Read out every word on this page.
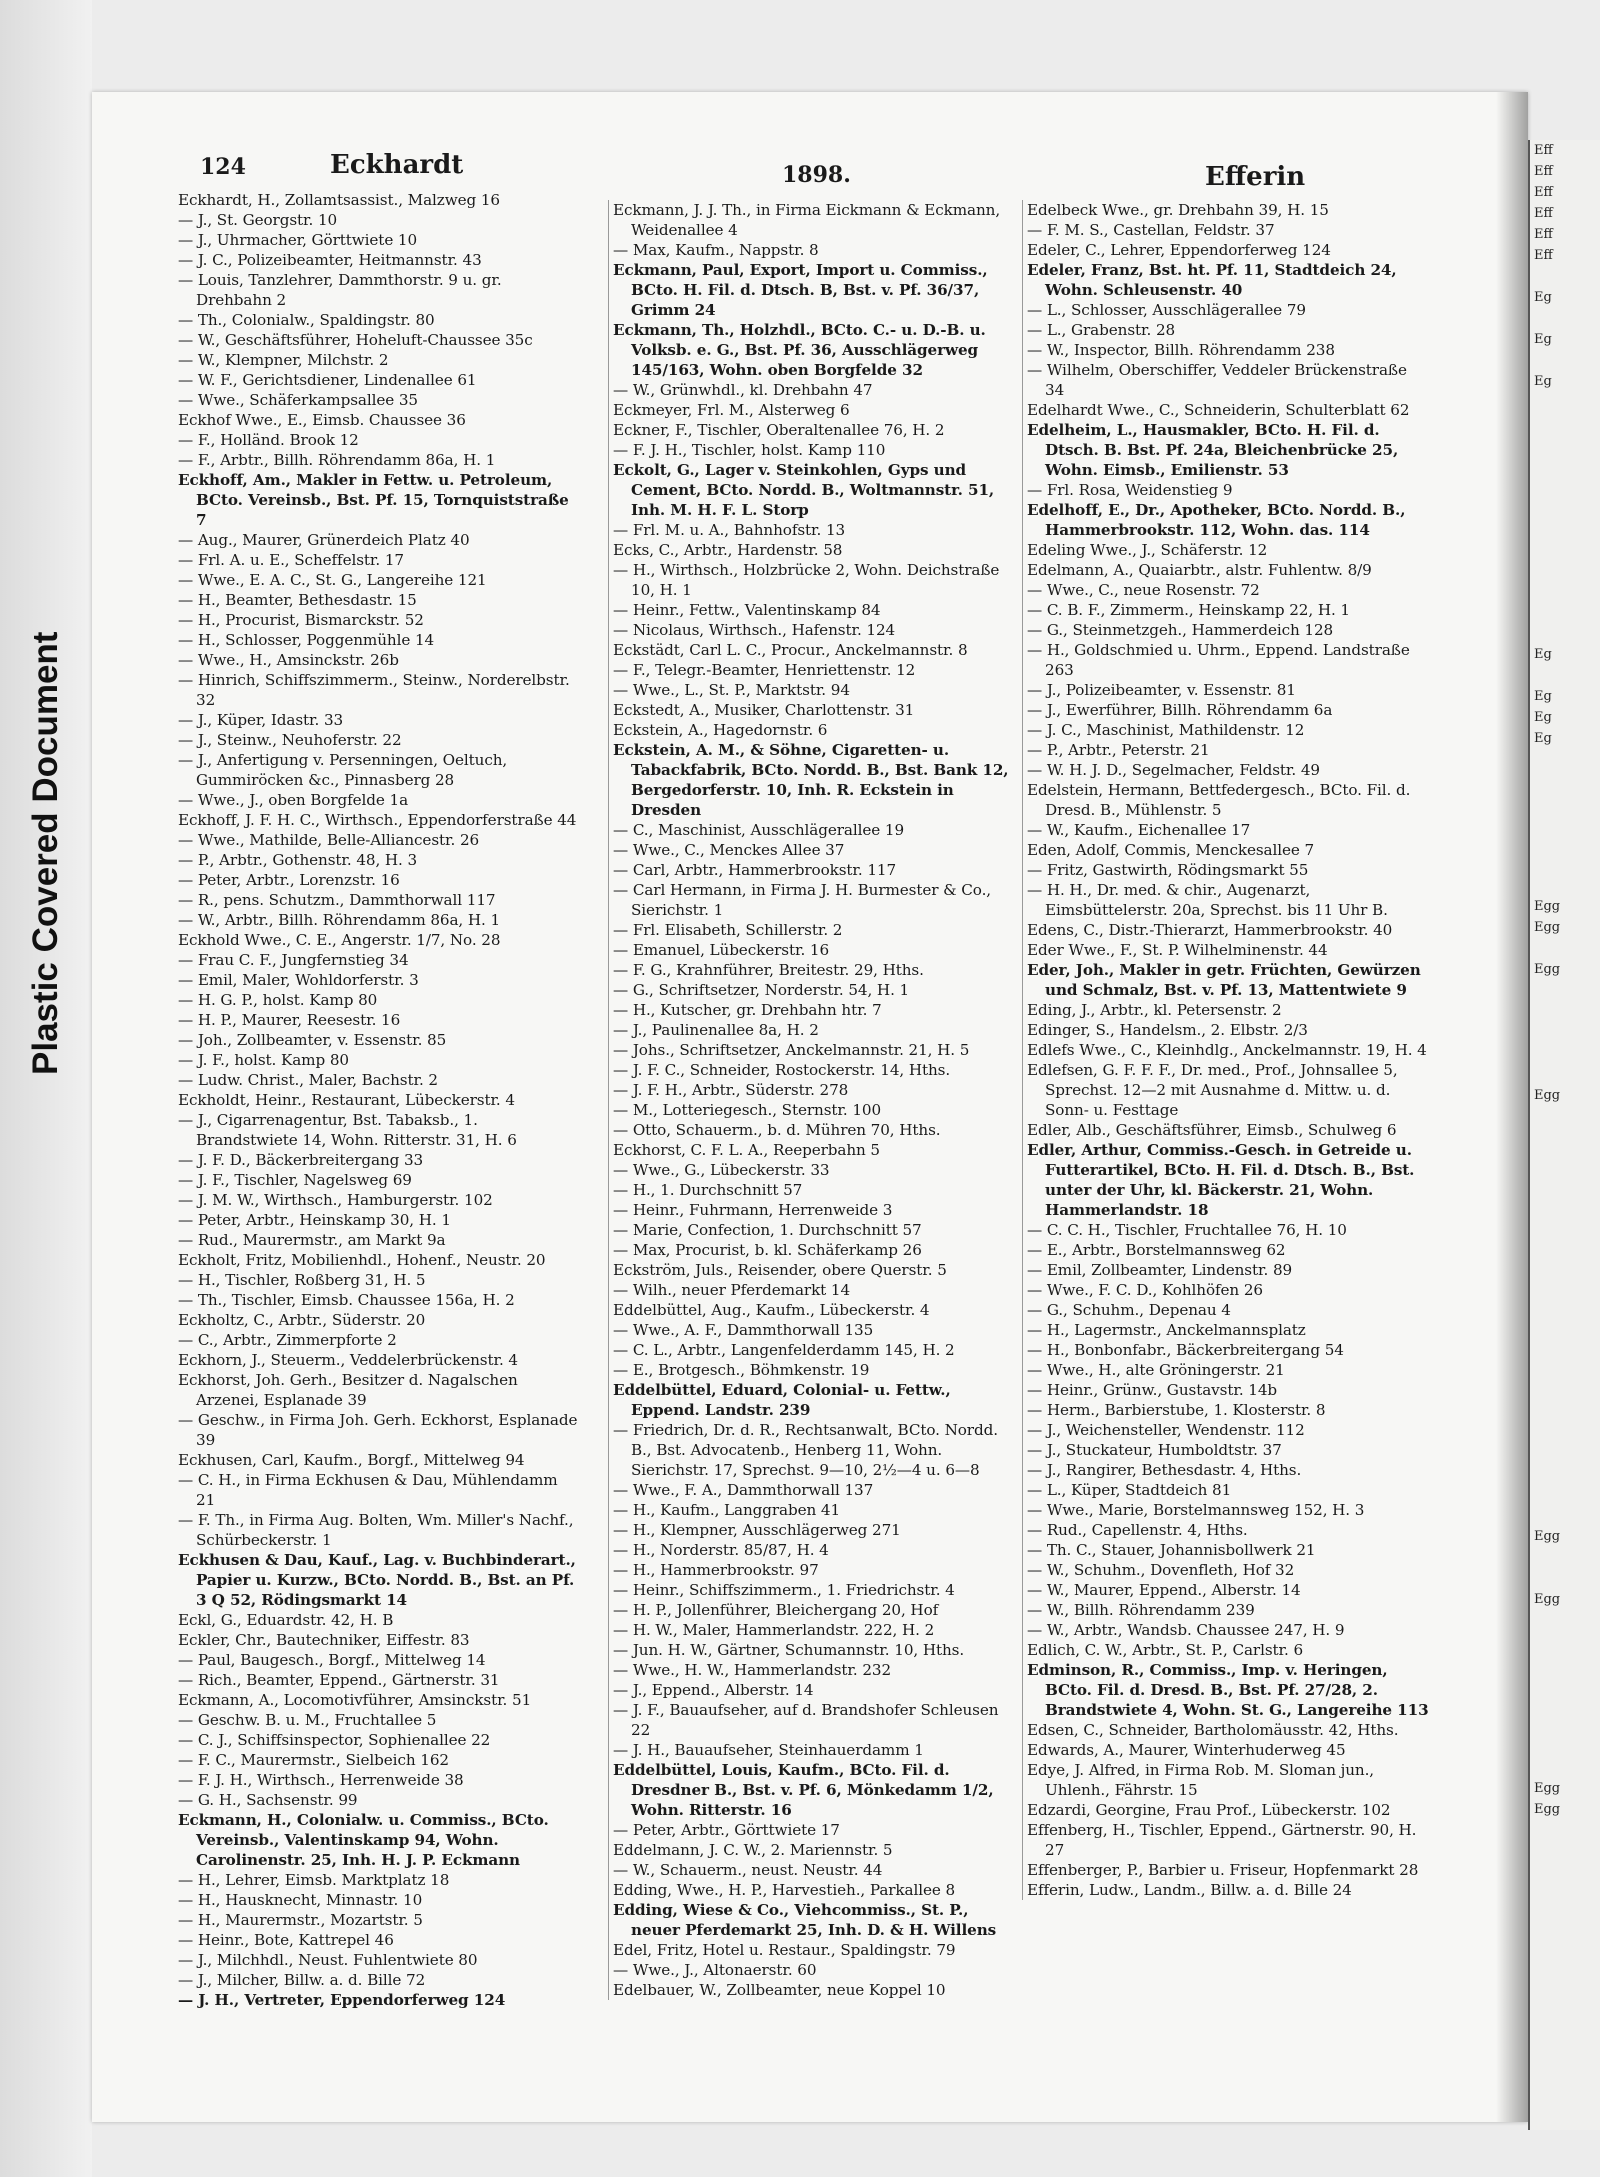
Plastic Covered Document
Eff
Eff
Eff
Eff
Eff
Eff

Eg

Eg

Eg

Eg

Eg
Eg
Eg

Egg
Egg

Egg

Egg

Egg

Egg

Egg
Egg
124	Eckhardt	1898.	Efferin

Eckhardt, H., Zollamtsassist., Malzweg 16

— J., St. Georgstr. 10

— J., Uhrmacher, Görttwiete 10

— J. C., Polizeibeamter, Heitmannstr. 43

— Louis, Tanzlehrer, Dammthorstr. 9 u. gr. Drehbahn 2

— Th., Colonialw., Spaldingstr. 80

— W., Geschäftsführer, Hoheluft-Chaussee 35c

— W., Klempner, Milchstr. 2

— W. F., Gerichtsdiener, Lindenallee 61

— Wwe., Schäferkampsallee 35

Eckhof Wwe., E., Eimsb. Chaussee 36

— F., Holländ. Brook 12

— F., Arbtr., Billh. Röhrendamm 86a, H. 1

Eckhoff, Am., Makler in Fettw. u. Petroleum, BCto. Vereinsb., Bst. Pf. 15, Tornquiststraße 7

— Aug., Maurer, Grünerdeich Platz 40

— Frl. A. u. E., Scheffelstr. 17

— Wwe., E. A. C., St. G., Langereihe 121

— H., Beamter, Bethesdastr. 15

— H., Procurist, Bismarckstr. 52

— H., Schlosser, Poggenmühle 14

— Wwe., H., Amsinckstr. 26b

— Hinrich, Schiffszimmerm., Steinw., Norderelbstr. 32

— J., Küper, Idastr. 33

— J., Steinw., Neuhoferstr. 22

— J., Anfertigung v. Persenningen, Oeltuch, Gummiröcken &c., Pinnasberg 28

— Wwe., J., oben Borgfelde 1a

Eckhoff, J. F. H. C., Wirthsch., Eppendorferstraße 44

— Wwe., Mathilde, Belle-Alliancestr. 26

— P., Arbtr., Gothenstr. 48, H. 3

— Peter, Arbtr., Lorenzstr. 16

— R., pens. Schutzm., Dammthorwall 117

— W., Arbtr., Billh. Röhrendamm 86a, H. 1

Eckhold Wwe., C. E., Angerstr. 1/7, No. 28

— Frau C. F., Jungfernstieg 34

— Emil, Maler, Wohldorferstr. 3

— H. G. P., holst. Kamp 80

— H. P., Maurer, Reesestr. 16

— Joh., Zollbeamter, v. Essenstr. 85

— J. F., holst. Kamp 80

— Ludw. Christ., Maler, Bachstr. 2

Eckholdt, Heinr., Restaurant, Lübeckerstr. 4

— J., Cigarrenagentur, Bst. Tabaksb., 1. Brandstwiete 14, Wohn. Ritterstr. 31, H. 6

— J. F. D., Bäckerbreitergang 33

— J. F., Tischler, Nagelsweg 69

— J. M. W., Wirthsch., Hamburgerstr. 102

— Peter, Arbtr., Heinskamp 30, H. 1

— Rud., Maurermstr., am Markt 9a

Eckholt, Fritz, Mobilienhdl., Hohenf., Neustr. 20

— H., Tischler, Roßberg 31, H. 5

— Th., Tischler, Eimsb. Chaussee 156a, H. 2

Eckholtz, C., Arbtr., Süderstr. 20

— C., Arbtr., Zimmerpforte 2

Eckhorn, J., Steuerm., Veddelerbrückenstr. 4

Eckhorst, Joh. Gerh., Besitzer d. Nagalschen Arzenei, Esplanade 39

— Geschw., in Firma Joh. Gerh. Eckhorst, Esplanade 39

Eckhusen, Carl, Kaufm., Borgf., Mittelweg 94

— C. H., in Firma Eckhusen & Dau, Mühlendamm 21

— F. Th., in Firma Aug. Bolten, Wm. Miller's Nachf., Schürbeckerstr. 1

Eckhusen & Dau, Kauf., Lag. v. Buchbinderart., Papier u. Kurzw., BCto. Nordd. B., Bst. an Pf. 3 Q 52, Rödingsmarkt 14

Eckl, G., Eduardstr. 42, H. B

Eckler, Chr., Bautechniker, Eiffestr. 83

— Paul, Baugesch., Borgf., Mittelweg 14

— Rich., Beamter, Eppend., Gärtnerstr. 31

Eckmann, A., Locomotivführer, Amsinckstr. 51

— Geschw. B. u. M., Fruchtallee 5

— C. J., Schiffsinspector, Sophienallee 22

— F. C., Maurermstr., Sielbeich 162

— F. J. H., Wirthsch., Herrenweide 38

— G. H., Sachsenstr. 99

Eckmann, H., Colonialw. u. Commiss., BCto. Vereinsb., Valentinskamp 94, Wohn. Carolinenstr. 25, Inh. H. J. P. Eckmann

— H., Lehrer, Eimsb. Marktplatz 18

— H., Hausknecht, Minnastr. 10

— H., Maurermstr., Mozartstr. 5

— Heinr., Bote, Kattrepel 46

— J., Milchhdl., Neust. Fuhlentwiete 80

— J., Milcher, Billw. a. d. Bille 72

— J. H., Vertreter, Eppendorferweg 124

Eckmann, J. J. Th., in Firma Eickmann & Eckmann, Weidenallee 4

— Max, Kaufm., Nappstr. 8

Eckmann, Paul, Export, Import u. Commiss., BCto. H. Fil. d. Dtsch. B, Bst. v. Pf. 36/37, Grimm 24

Eckmann, Th., Holzhdl., BCto. C.- u. D.-B. u. Volksb. e. G., Bst. Pf. 36, Ausschlägerweg 145/163, Wohn. oben Borgfelde 32

— W., Grünwhdl., kl. Drehbahn 47

Eckmeyer, Frl. M., Alsterweg 6

Eckner, F., Tischler, Oberaltenallee 76, H. 2

— F. J. H., Tischler, holst. Kamp 110

Eckolt, G., Lager v. Steinkohlen, Gyps und Cement, BCto. Nordd. B., Woltmannstr. 51, Inh. M. H. F. L. Storp

— Frl. M. u. A., Bahnhofstr. 13

Ecks, C., Arbtr., Hardenstr. 58

— H., Wirthsch., Holzbrücke 2, Wohn. Deichstraße 10, H. 1

— Heinr., Fettw., Valentinskamp 84

— Nicolaus, Wirthsch., Hafenstr. 124

Eckstädt, Carl L. C., Procur., Anckelmannstr. 8

— F., Telegr.-Beamter, Henriettenstr. 12

— Wwe., L., St. P., Marktstr. 94

Eckstedt, A., Musiker, Charlottenstr. 31

Eckstein, A., Hagedornstr. 6

Eckstein, A. M., & Söhne, Cigaretten- u. Tabackfabrik, BCto. Nordd. B., Bst. Bank 12, Bergedorferstr. 10, Inh. R. Eckstein in Dresden

— C., Maschinist, Ausschlägerallee 19

— Wwe., C., Menckes Allee 37

— Carl, Arbtr., Hammerbrookstr. 117

— Carl Hermann, in Firma J. H. Burmester & Co., Sierichstr. 1

— Frl. Elisabeth, Schillerstr. 2

— Emanuel, Lübeckerstr. 16

— F. G., Krahnführer, Breitestr. 29, Hths.

— G., Schriftsetzer, Norderstr. 54, H. 1

— H., Kutscher, gr. Drehbahn htr. 7

— J., Paulinenallee 8a, H. 2

— Johs., Schriftsetzer, Anckelmannstr. 21, H. 5

— J. F. C., Schneider, Rostockerstr. 14, Hths.

— J. F. H., Arbtr., Süderstr. 278

— M., Lotteriegesch., Sternstr. 100

— Otto, Schauerm., b. d. Mühren 70, Hths.

Eckhorst, C. F. L. A., Reeperbahn 5

— Wwe., G., Lübeckerstr. 33

— H., 1. Durchschnitt 57

— Heinr., Fuhrmann, Herrenweide 3

— Marie, Confection, 1. Durchschnitt 57

— Max, Procurist, b. kl. Schäferkamp 26

Eckström, Juls., Reisender, obere Querstr. 5

— Wilh., neuer Pferdemarkt 14

Eddelbüttel, Aug., Kaufm., Lübeckerstr. 4

— Wwe., A. F., Dammthorwall 135

— C. L., Arbtr., Langenfelderdamm 145, H. 2

— E., Brotgesch., Böhmkenstr. 19

Eddelbüttel, Eduard, Colonial- u. Fettw., Eppend. Landstr. 239

— Friedrich, Dr. d. R., Rechtsanwalt, BCto. Nordd. B., Bst. Advocatenb., Henberg 11, Wohn. Sierichstr. 17, Sprechst. 9—10, 2½—4 u. 6—8

— Wwe., F. A., Dammthorwall 137

— H., Kaufm., Langgraben 41

— H., Klempner, Ausschlägerweg 271

— H., Norderstr. 85/87, H. 4

— H., Hammerbrookstr. 97

— Heinr., Schiffszimmerm., 1. Friedrichstr. 4

— H. P., Jollenführer, Bleichergang 20, Hof

— H. W., Maler, Hammerlandstr. 222, H. 2

— Jun. H. W., Gärtner, Schumannstr. 10, Hths.

— Wwe., H. W., Hammerlandstr. 232

— J., Eppend., Alberstr. 14

— J. F., Bauaufseher, auf d. Brandshofer Schleusen 22

— J. H., Bauaufseher, Steinhauerdamm 1

Eddelbüttel, Louis, Kaufm., BCto. Fil. d. Dresdner B., Bst. v. Pf. 6, Mönkedamm 1/2, Wohn. Ritterstr. 16

— Peter, Arbtr., Görttwiete 17

Eddelmann, J. C. W., 2. Mariennstr. 5

— W., Schauerm., neust. Neustr. 44

Edding, Wwe., H. P., Harvestieh., Parkallee 8

Edding, Wiese & Co., Viehcommiss., St. P., neuer Pferdemarkt 25, Inh. D. & H. Willens

Edel, Fritz, Hotel u. Restaur., Spaldingstr. 79

— Wwe., J., Altonaerstr. 60

Edelbauer, W., Zollbeamter, neue Koppel 10

Edelbeck Wwe., gr. Drehbahn 39, H. 15

— F. M. S., Castellan, Feldstr. 37

Edeler, C., Lehrer, Eppendorferweg 124

Edeler, Franz, Bst. ht. Pf. 11, Stadtdeich 24, Wohn. Schleusenstr. 40

— L., Schlosser, Ausschlägerallee 79

— L., Grabenstr. 28

— W., Inspector, Billh. Röhrendamm 238

— Wilhelm, Oberschiffer, Veddeler Brückenstraße 34

Edelhardt Wwe., C., Schneiderin, Schulterblatt 62

Edelheim, L., Hausmakler, BCto. H. Fil. d. Dtsch. B. Bst. Pf. 24a, Bleichenbrücke 25, Wohn. Eimsb., Emilienstr. 53

— Frl. Rosa, Weidenstieg 9

Edelhoff, E., Dr., Apotheker, BCto. Nordd. B., Hammerbrookstr. 112, Wohn. das. 114

Edeling Wwe., J., Schäferstr. 12

Edelmann, A., Quaiarbtr., alstr. Fuhlentw. 8/9

— Wwe., C., neue Rosenstr. 72

— C. B. F., Zimmerm., Heinskamp 22, H. 1

— G., Steinmetzgeh., Hammerdeich 128

— H., Goldschmied u. Uhrm., Eppend. Landstraße 263

— J., Polizeibeamter, v. Essenstr. 81

— J., Ewerführer, Billh. Röhrendamm 6a

— J. C., Maschinist, Mathildenstr. 12

— P., Arbtr., Peterstr. 21

— W. H. J. D., Segelmacher, Feldstr. 49

Edelstein, Hermann, Bettfedergesch., BCto. Fil. d. Dresd. B., Mühlenstr. 5

— W., Kaufm., Eichenallee 17

Eden, Adolf, Commis, Menckesallee 7

— Fritz, Gastwirth, Rödingsmarkt 55

— H. H., Dr. med. & chir., Augenarzt, Eimsbüttelerstr. 20a, Sprechst. bis 11 Uhr B.

Edens, C., Distr.-Thierarzt, Hammerbrookstr. 40

Eder Wwe., F., St. P. Wilhelminenstr. 44

Eder, Joh., Makler in getr. Früchten, Gewürzen und Schmalz, Bst. v. Pf. 13, Mattentwiete 9

Eding, J., Arbtr., kl. Petersenstr. 2

Edinger, S., Handelsm., 2. Elbstr. 2/3

Edlefs Wwe., C., Kleinhdlg., Anckelmannstr. 19, H. 4

Edlefsen, G. F. F. F., Dr. med., Prof., Johnsallee 5, Sprechst. 12—2 mit Ausnahme d. Mittw. u. d. Sonn- u. Festtage

Edler, Alb., Geschäftsführer, Eimsb., Schulweg 6

Edler, Arthur, Commiss.-Gesch. in Getreide u. Futterartikel, BCto. H. Fil. d. Dtsch. B., Bst. unter der Uhr, kl. Bäckerstr. 21, Wohn. Hammerlandstr. 18

— C. C. H., Tischler, Fruchtallee 76, H. 10

— E., Arbtr., Borstelmannsweg 62

— Emil, Zollbeamter, Lindenstr. 89

— Wwe., F. C. D., Kohlhöfen 26

— G., Schuhm., Depenau 4

— H., Lagermstr., Anckelmannsplatz

— H., Bonbonfabr., Bäckerbreitergang 54

— Wwe., H., alte Gröningerstr. 21

— Heinr., Grünw., Gustavstr. 14b

— Herm., Barbierstube, 1. Klosterstr. 8

— J., Weichensteller, Wendenstr. 112

— J., Stuckateur, Humboldtstr. 37

— J., Rangirer, Bethesdastr. 4, Hths.

— L., Küper, Stadtdeich 81

— Wwe., Marie, Borstelmannsweg 152, H. 3

— Rud., Capellenstr. 4, Hths.

— Th. C., Stauer, Johannisbollwerk 21

— W., Schuhm., Dovenfleth, Hof 32

— W., Maurer, Eppend., Alberstr. 14

— W., Billh. Röhrendamm 239

— W., Arbtr., Wandsb. Chaussee 247, H. 9

Edlich, C. W., Arbtr., St. P., Carlstr. 6

Edminson, R., Commiss., Imp. v. Heringen, BCto. Fil. d. Dresd. B., Bst. Pf. 27/28, 2. Brandstwiete 4, Wohn. St. G., Langereihe 113

Edsen, C., Schneider, Bartholomäusstr. 42, Hths.

Edwards, A., Maurer, Winterhuderweg 45

Edye, J. Alfred, in Firma Rob. M. Sloman jun., Uhlenh., Fährstr. 15

Edzardi, Georgine, Frau Prof., Lübeckerstr. 102

Effenberg, H., Tischler, Eppend., Gärtnerstr. 90, H. 27

Effenberger, P., Barbier u. Friseur, Hopfenmarkt 28

Efferin, Ludw., Landm., Billw. a. d. Bille 24
